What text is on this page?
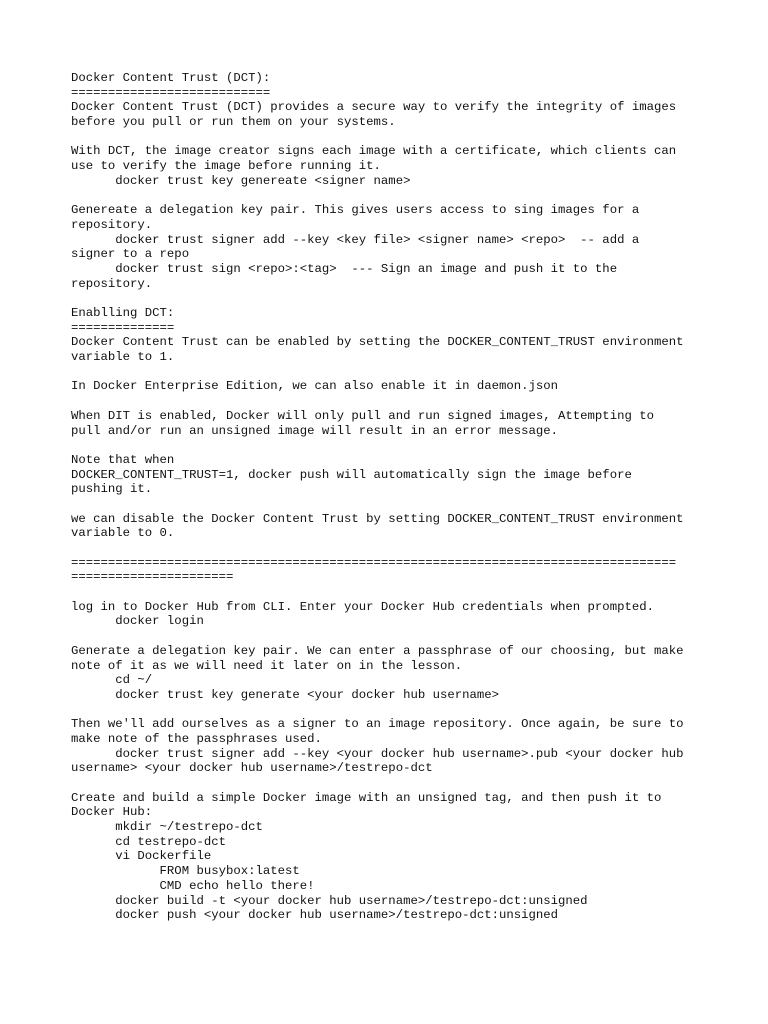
Docker Content Trust (DCT):
===========================
Docker Content Trust (DCT) provides a secure way to verify the integrity of images
before you pull or run them on your systems.
With DCT, the image creator signs each image with a certificate, which clients can
use to verify the image before running it.
docker trust key genereate <signer name>
Genereate a delegation key pair. This gives users access to sing images for a
repository.
docker trust signer add --key <key file> <signer name> <repo>  -- add a
signer to a repo
docker trust sign <repo>:<tag>  --- Sign an image and push it to the
repository.
Enablling DCT:
==============
Docker Content Trust can be enabled by setting the DOCKER_CONTENT_TRUST environment
variable to 1.
In Docker Enterprise Edition, we can also enable it in daemon.json
When DIT is enabled, Docker will only pull and run signed images, Attempting to
pull and/or run an unsigned image will result in an error message.
Note that when
DOCKER_CONTENT_TRUST=1, docker push will automatically sign the image before
pushing it.
we can disable the Docker Content Trust by setting DOCKER_CONTENT_TRUST environment
variable to 0.
==================================================================================
======================
log in to Docker Hub from CLI. Enter your Docker Hub credentials when prompted.
docker login
Generate a delegation key pair. We can enter a passphrase of our choosing, but make
note of it as we will need it later on in the lesson.
cd ~/
docker trust key generate <your docker hub username>
Then we'll add ourselves as a signer to an image repository. Once again, be sure to
make note of the passphrases used.
docker trust signer add --key <your docker hub username>.pub <your docker hub
username> <your docker hub username>/testrepo-dct
Create and build a simple Docker image with an unsigned tag, and then push it to
Docker Hub:
mkdir ~/testrepo-dct
cd testrepo-dct
vi Dockerfile
FROM busybox:latest
CMD echo hello there!
docker build -t <your docker hub username>/testrepo-dct:unsigned
docker push <your docker hub username>/testrepo-dct:unsigned
